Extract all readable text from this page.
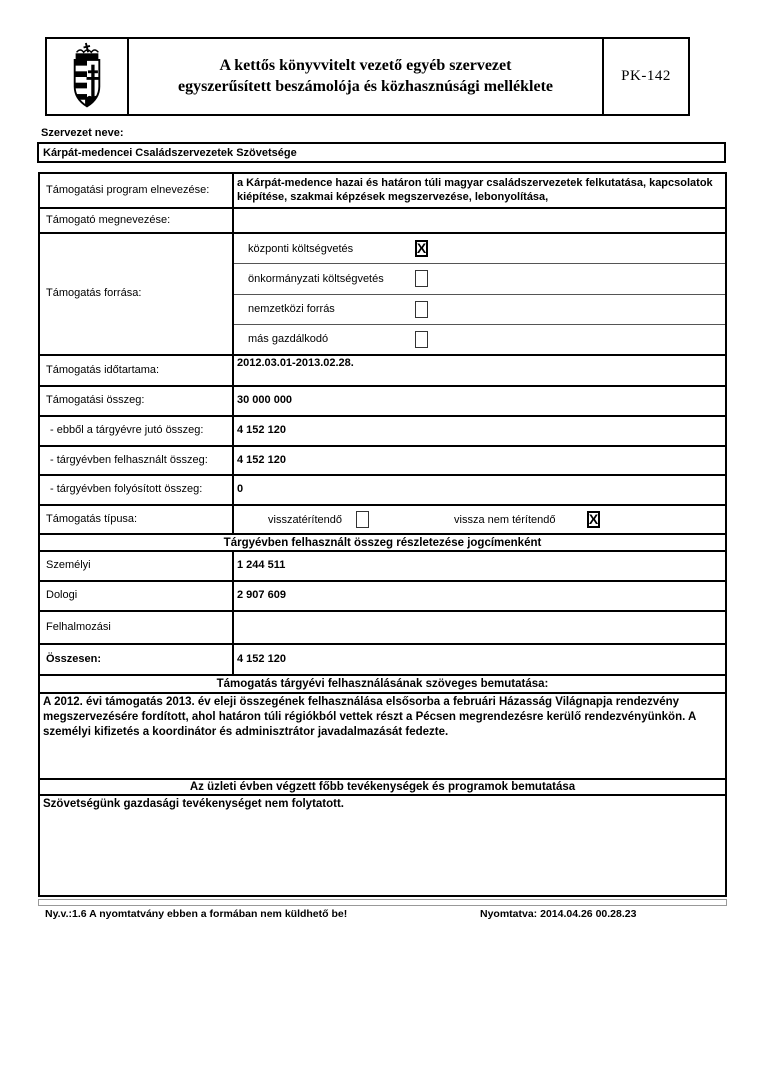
A kettős könyvvitelt vezető egyéb szervezet
egyszerűsített beszámolója és közhasznúsági melléklete
PK-142
Szervezet neve:
Kárpát-medencei Családszervezetek Szövetsége
Támogatási program elnevezése:
a Kárpát-medence hazai és határon túli magyar családszervezetek felkutatása, kapcsolatok kiépítése, szakmai képzések megszervezése, lebonyolítása,
Támogató megnevezése:
Támogatás forrása:
központi költségvetés	X
önkormányzati költségvetés
nemzetközi forrás
más gazdálkodó
Támogatás időtartama:
2012.03.01-2013.02.28.
Támogatási összeg:	30 000 000
- ebből a tárgyévre jutó összeg:	4 152 120
- tárgyévben felhasznált összeg:	4 152 120
- tárgyévben folyósított összeg:	0
Támogatás típusa:	visszatérítendő	vissza nem térítendő	X
Tárgyévben felhasznált összeg részletezése jogcímenként
Személyi	1 244 511
Dologi	2 907 609
Felhalmozási
Összesen:	4 152 120
Támogatás tárgyévi felhasználásának szöveges bemutatása:
A 2012. évi támogatás 2013. év eleji összegének felhasználása elsősorba a februári Házasság Világnapja rendezvény megszervezésére fordított, ahol határon túli régiókból vettek részt a Pécsen megrendezésre kerülő rendezvényünkön. A személyi kifizetés a koordinátor és adminisztrátor javadalmazását fedezte.
Az üzleti évben végzett főbb tevékenységek és programok bemutatása
Szövetségünk gazdasági tevékenységet nem folytatott.
Ny.v.:1.6 A nyomtatvány ebben a formában nem küldhető be!	Nyomtatva: 2014.04.26 00.28.23
